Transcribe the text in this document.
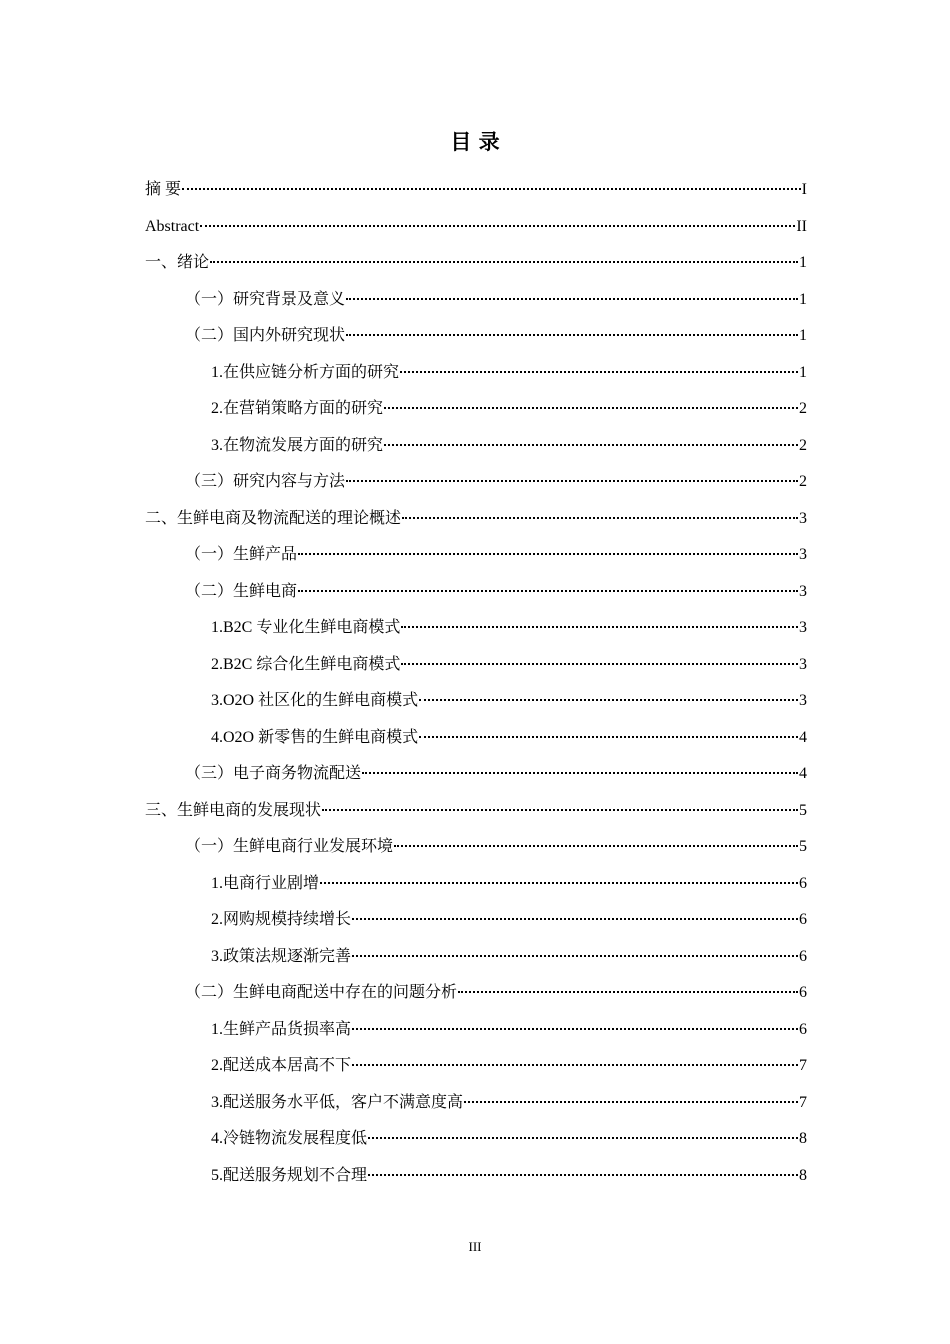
目 录
摘 要	I
Abstract	II
一、绪论	1
（一）研究背景及意义	1
（二）国内外研究现状	1
1.在供应链分析方面的研究	1
2.在营销策略方面的研究	2
3.在物流发展方面的研究	2
（三）研究内容与方法	2
二、生鲜电商及物流配送的理论概述	3
（一）生鲜产品	3
（二）生鲜电商	3
1.B2C 专业化生鲜电商模式	3
2.B2C 综合化生鲜电商模式	3
3.O2O 社区化的生鲜电商模式	3
4.O2O 新零售的生鲜电商模式	4
（三）电子商务物流配送	4
三、生鲜电商的发展现状	5
（一）生鲜电商行业发展环境	5
1.电商行业剧增	6
2.网购规模持续增长	6
3.政策法规逐渐完善	6
（二）生鲜电商配送中存在的问题分析	6
1.生鲜产品货损率高	6
2.配送成本居高不下	7
3.配送服务水平低，客户不满意度高	7
4.冷链物流发展程度低	8
5.配送服务规划不合理	8
III
